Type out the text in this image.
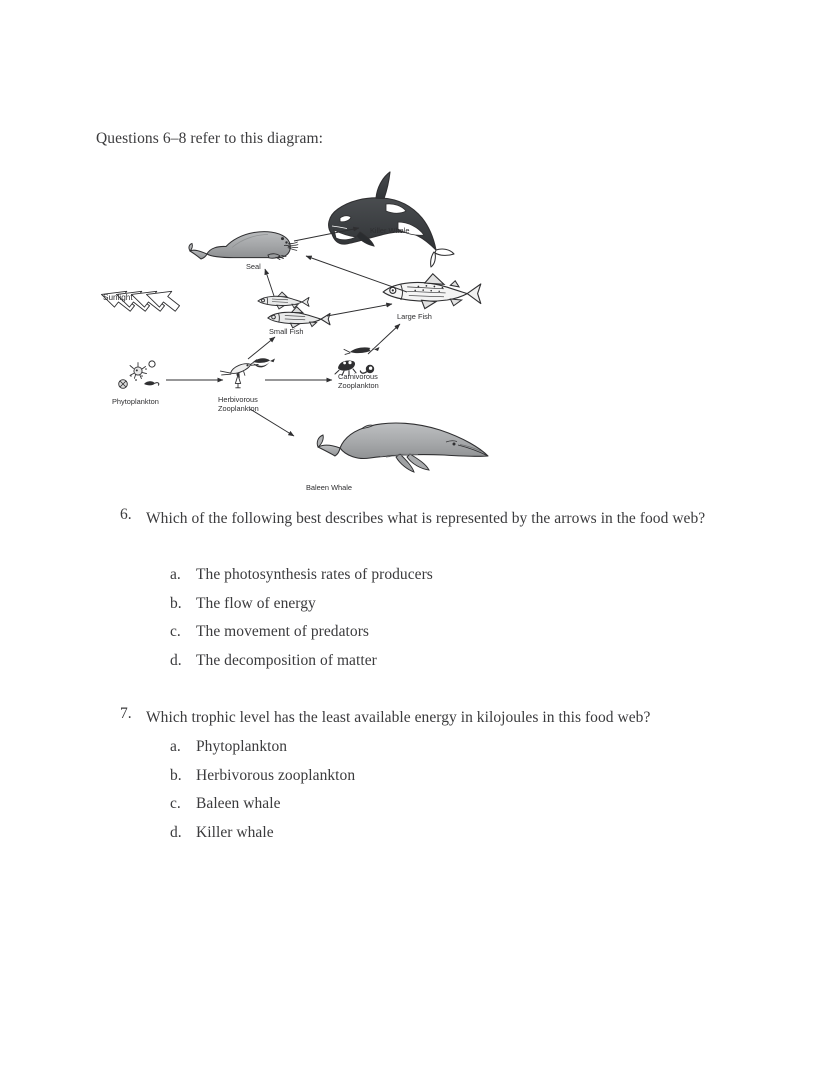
Questions 6–8 refer to this diagram:
Sunlight
Phytoplankton	Herbivorous
Zooplankton
Carnivorous
Zooplankton
Small Fish
Large Fish
Seal
Killer Whale
Baleen Whale
6. Which of the following best describes what is represented by the arrows in the food web?
a. The photosynthesis rates of producers
b. The flow of energy
c. The movement of predators
d. The decomposition of matter
7. Which trophic level has the least available energy in kilojoules in this food web?
a. Phytoplankton
b. Herbivorous zooplankton
c. Baleen whale
d. Killer whale
